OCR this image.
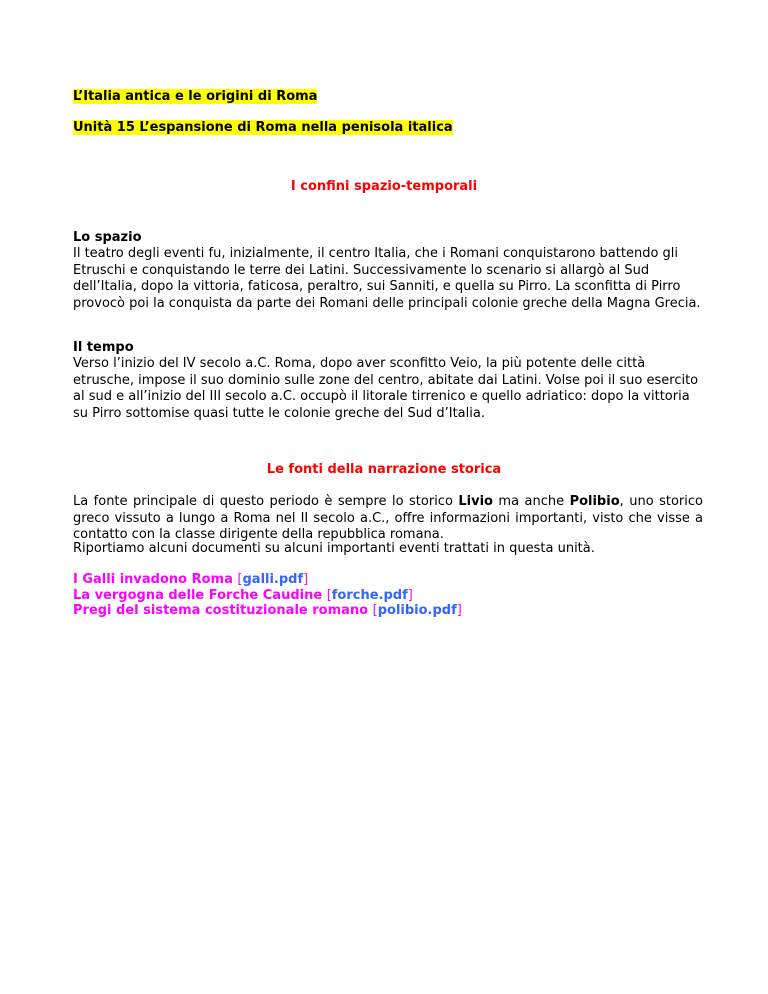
L’Italia antica e le origini di Roma
Unità 15 L’espansione di Roma nella penisola italica
I confini spazio-temporali
Lo spazio

Il teatro degli eventi fu, inizialmente, il centro Italia, che i Romani conquistarono battendo gli Etruschi e conquistando le terre dei Latini. Successivamente lo scenario si allargò al Sud dell’Italia, dopo la vittoria, faticosa, peraltro, sui Sanniti, e quella su Pirro. La sconfitta di Pirro provocò poi la conquista da parte dei Romani delle principali colonie greche della Magna Grecia.

Il tempo

Verso l’inizio del IV secolo a.C. Roma, dopo aver sconfitto Veio, la più potente delle città etrusche, impose il suo dominio sulle zone del centro, abitate dai Latini. Volse poi il suo esercito al sud e all’inizio del III secolo a.C. occupò il litorale tirrenico e quello adriatico: dopo la vittoria su Pirro sottomise quasi tutte le colonie greche del Sud d’Italia.

Le fonti della narrazione storica

La fonte principale di questo periodo è sempre lo storico Livio ma anche Polibio, uno storico greco vissuto a lungo a Roma nel II secolo a.C., offre informazioni importanti, visto che visse a contatto con la classe dirigente della repubblica romana.

Riportiamo alcuni documenti su alcuni importanti eventi trattati in questa unità.

I Galli invadono Roma [galli.pdf]
La vergogna delle Forche Caudine [forche.pdf]
Pregi del sistema costituzionale romano [polibio.pdf]
